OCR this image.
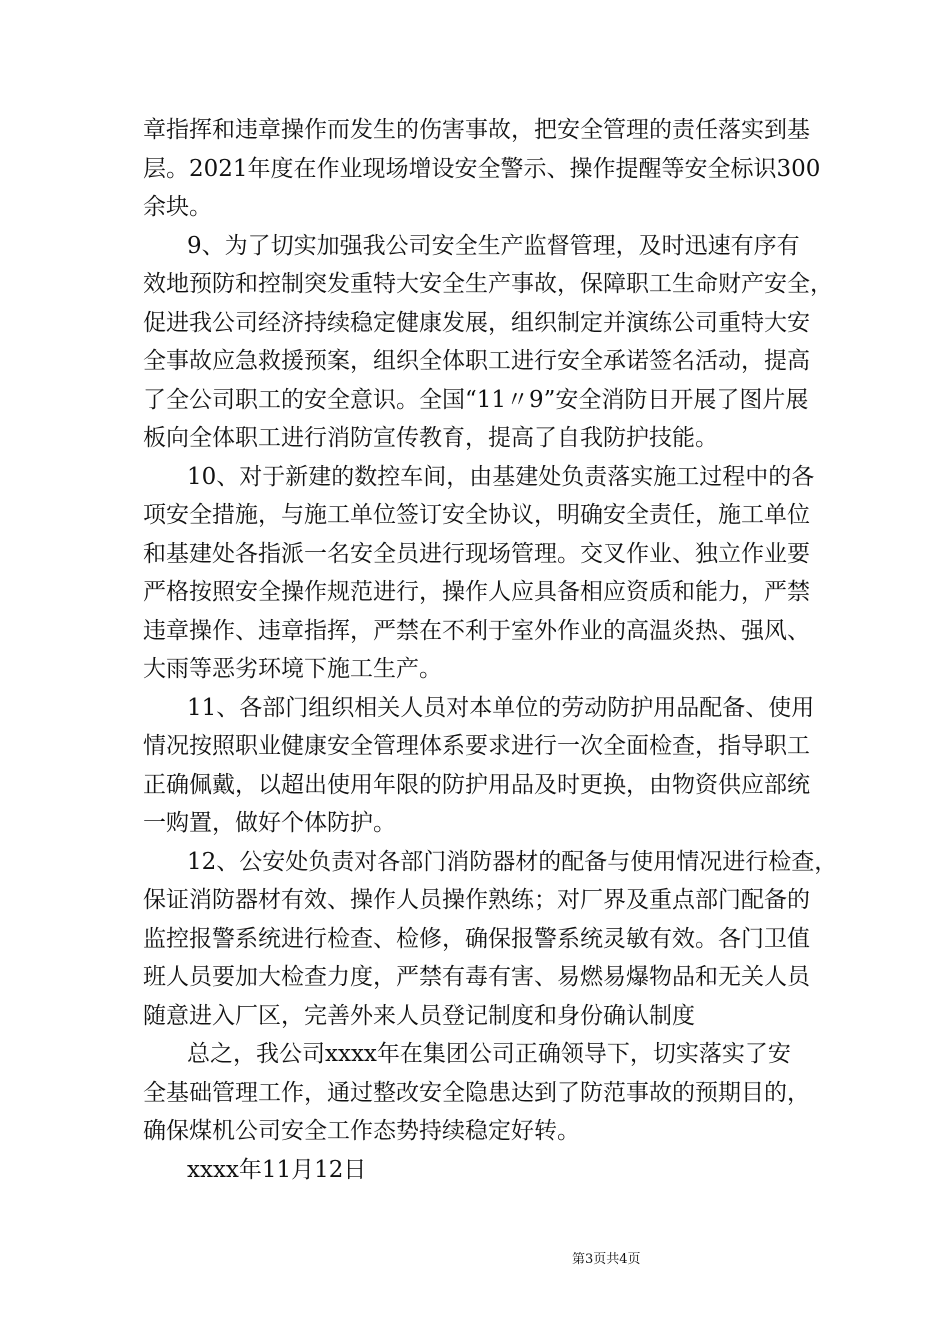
章指挥和违章操作而发生的伤害事故，把安全管理的责任落实到基
层。2021年度在作业现场增设安全警示、操作提醒等安全标识300
余块。
9、为了切实加强我公司安全生产监督管理，及时迅速有序有
效地预防和控制突发重特大安全生产事故，保障职工生命财产安全，
促进我公司经济持续稳定健康发展，组织制定并演练公司重特大安
全事故应急救援预案，组织全体职工进行安全承诺签名活动，提高
了全公司职工的安全意识。全国“11〃9”安全消防日开展了图片展
板向全体职工进行消防宣传教育，提高了自我防护技能。
10、对于新建的数控车间，由基建处负责落实施工过程中的各
项安全措施，与施工单位签订安全协议，明确安全责任，施工单位
和基建处各指派一名安全员进行现场管理。交叉作业、独立作业要
严格按照安全操作规范进行，操作人应具备相应资质和能力，严禁
违章操作、违章指挥，严禁在不利于室外作业的高温炎热、强风、
大雨等恶劣环境下施工生产。
11、各部门组织相关人员对本单位的劳动防护用品配备、使用
情况按照职业健康安全管理体系要求进行一次全面检查，指导职工
正确佩戴，以超出使用年限的防护用品及时更换，由物资供应部统
一购置，做好个体防护。
12、公安处负责对各部门消防器材的配备与使用情况进行检查，
保证消防器材有效、操作人员操作熟练；对厂界及重点部门配备的
监控报警系统进行检查、检修，确保报警系统灵敏有效。各门卫值
班人员要加大检查力度，严禁有毒有害、易燃易爆物品和无关人员
随意进入厂区，完善外来人员登记制度和身份确认制度
总之，我公司xxxx年在集团公司正确领导下，切实落实了安
全基础管理工作，通过整改安全隐患达到了防范事故的预期目的，
确保煤机公司安全工作态势持续稳定好转。
xxxx年11月12日
第3页共4页
